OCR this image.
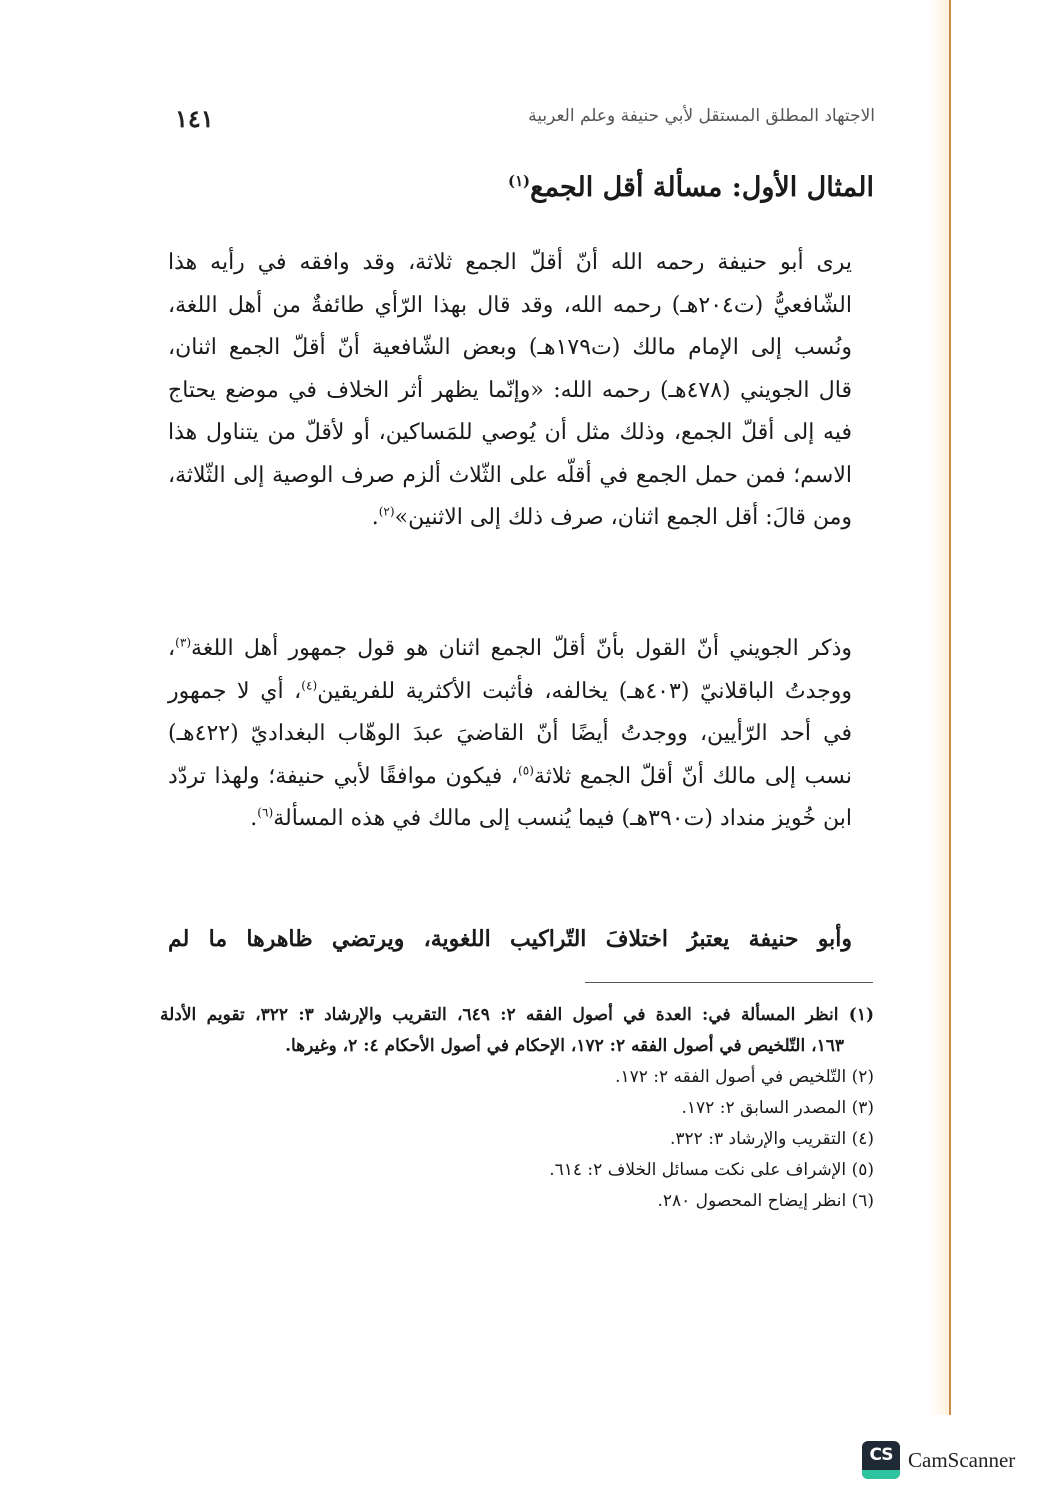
الاجتهاد المطلق المستقل لأبي حنيفة وعلم العربية
١٤١
المثال الأول: مسألة أقل الجمع$^{(١)}$
يرى أبو حنيفة رحمه الله أنّ أقلّ الجمع ثلاثة، وقد وافقه في رأيه هذا
الشّافعيُّ (ت٢٠٤هـ) رحمه الله، وقد قال بهذا الرّأي طائفةٌ من أهل اللغة،
ونُسب إلى الإمام مالك (ت١٧٩هـ) وبعض الشّافعية أنّ أقلّ الجمع اثنان،
قال الجويني (٤٧٨هـ) رحمه الله: «وإنّما يظهر أثر الخلاف في موضع يحتاج
فيه إلى أقلّ الجمع، وذلك مثل أن يُوصي للمَساكين، أو لأقلّ من يتناول هذا
الاسم؛ فمن حمل الجمع في أقلّه على الثّلاث ألزم صرف الوصية إلى الثّلاثة،
ومن قالَ: أقل الجمع اثنان، صرف ذلك إلى الاثنين»$^{(٢)}$.
وذكر الجويني أنّ القول بأنّ أقلّ الجمع اثنان هو قول جمهور أهل اللغة$^{(٣)}$،
ووجدتُ الباقلانيّ (٤٠٣هـ) يخالفه، فأثبت الأكثرية للفريقين$^{(٤)}$، أي لا جمهور
في أحد الرّأيين، ووجدتُ أيضًا أنّ القاضيَ عبدَ الوهّاب البغداديّ (٤٢٢هـ)
نسب إلى مالك أنّ أقلّ الجمع ثلاثة$^{(٥)}$، فيكون موافقًا لأبي حنيفة؛ ولهذا تردّد
ابن خُويز منداد (ت٣٩٠هـ) فيما يُنسب إلى مالك في هذه المسألة$^{(٦)}$.
وأبو حنيفة يعتبرُ اختلافَ التّراكيب اللغوية، ويرتضي ظاهرها ما لم
(١) انظر المسألة في: العدة في أصول الفقه ٢: ٦٤٩، التقريب والإرشاد ٣: ٣٢٢، تقويم الأدلة
١٦٣، التّلخيص في أصول الفقه ٢: ١٧٢، الإحكام في أصول الأحكام ٤: ٢، وغيرها.
(٢) التّلخيص في أصول الفقه ٢: ١٧٢.
(٣) المصدر السابق ٢: ١٧٢.
(٤) التقريب والإرشاد ٣: ٣٢٢.
(٥) الإشراف على نكت مسائل الخلاف ٢: ٦١٤.
(٦) انظر إيضاح المحصول ٢٨٠.
CS CamScanner
